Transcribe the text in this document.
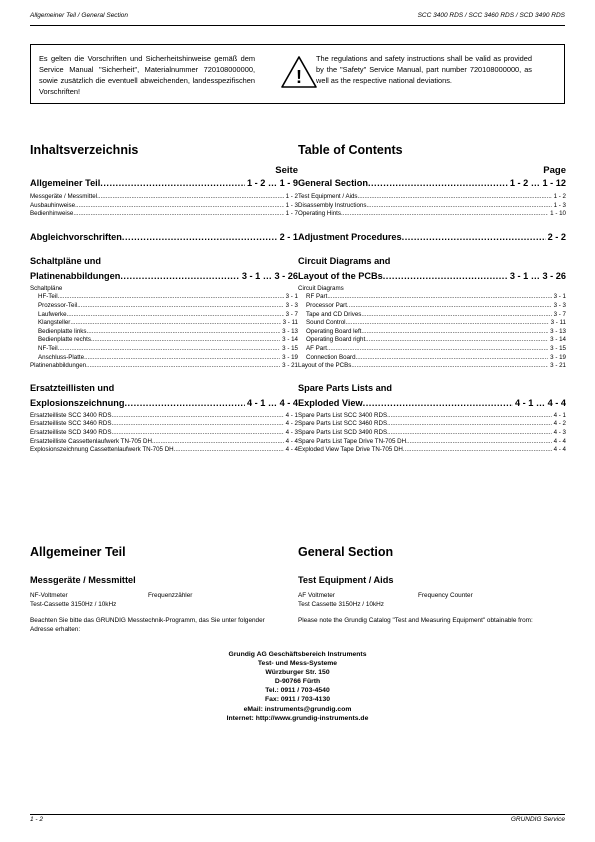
Allgemeiner Teil / General Section	SCC 3400 RDS / SCC 3460 RDS / SCD 3490 RDS
Es gelten die Vorschriften und Sicherheitshinweise gemäß dem Service Manual "Sicherheit", Materialnummer 720108000000, sowie zusätzlich die eventuell abweichenden, landesspezifischen Vorschriften!
!
The regulations and safety instructions shall be valid as provided by the "Safety" Service Manual, part number 720108000000, as well as the respective national deviations.
Inhaltsverzeichnis
Seite
Allgemeiner Teil .....	1 - 2 … 1 - 9
Messgeräte / Messmittel .....	1 - 2
Ausbauhinweise .....	1 - 3
Bedienhinweise .....	1 - 7
Abgleichvorschriften .....	2 - 1
Schaltpläne und
Platinenabbildungen .....	3 - 1 … 3 - 26
Schaltpläne
HF-Teil .....	3 - 1
Prozessor-Teil .....	3 - 3
Laufwerke .....	3 - 7
Klangsteller .....	3 - 11
Bedienplatte links .....	3 - 13
Bedienplatte rechts .....	3 - 14
NF-Teil .....	3 - 15
Anschluss-Platte .....	3 - 19
Platinenabbildungen .....	3 - 21
Ersatzteillisten und
Explosionszeichnung .....	4 - 1 … 4 - 4
Ersatzteilliste SCC 3400 RDS .....	4 - 1
Ersatzteilliste SCC 3460 RDS .....	4 - 2
Ersatzteilliste SCD 3490 RDS .....	4 - 3
Ersatzteilliste Cassettenlaufwerk TN-705 DH .....	4 - 4
Explosionszeichnung Cassettenlaufwerk TN-705 DH .....	4 - 4
Table of Contents
Page
General Section .....	1 - 2 … 1 - 12
Test Equipment / Aids .....	1 - 2
Disassembly Instructions .....	1 - 3
Operating Hints .....	1 - 10
Adjustment Procedures .....	2 - 2
Circuit Diagrams and
Layout of the PCBs .....	3 - 1 … 3 - 26
Circuit Diagrams
RF Part .....	3 - 1
Processor Part .....	3 - 3
Tape and CD Drives .....	3 - 7
Sound Control .....	3 - 11
Operating Board left .....	3 - 13
Operating Board right .....	3 - 14
AF Part .....	3 - 15
Connection Board .....	3 - 19
Layout of the PCBs .....	3 - 21
Spare Parts Lists and
Exploded View .....	4 - 1 … 4 - 4
Spare Parts List SCC 3400 RDS .....	4 - 1
Spare Parts List SCC 3460 RDS .....	4 - 2
Spare Parts List SCD 3490 RDS .....	4 - 3
Spare Parts List Tape Drive TN-705 DH .....	4 - 4
Exploded View Tape Drive TN-705 DH .....	4 - 4
Allgemeiner Teil
Messgeräte / Messmittel
NF-Voltmeter	Frequenzzähler
Test-Cassette 3150Hz / 10kHz
Beachten Sie bitte das GRUNDIG Messtechnik-Programm, das Sie unter folgender Adresse erhalten:
General Section
Test Equipment / Aids
AF Voltmeter	Frequency Counter
Test Cassette 3150Hz / 10kHz
Please note the Grundig Catalog "Test and Measuring Equipment" obtainable from:
Grundig AG Geschäftsbereich Instruments
Test- und Mess-Systeme
Würzburger Str. 150
D-90766 Fürth
Tel.: 0911 / 703-4540
Fax: 0911 / 703-4130
eMail: instruments@grundig.com
Internet: http://www.grundig-instruments.de
1 - 2	GRUNDIG Service
